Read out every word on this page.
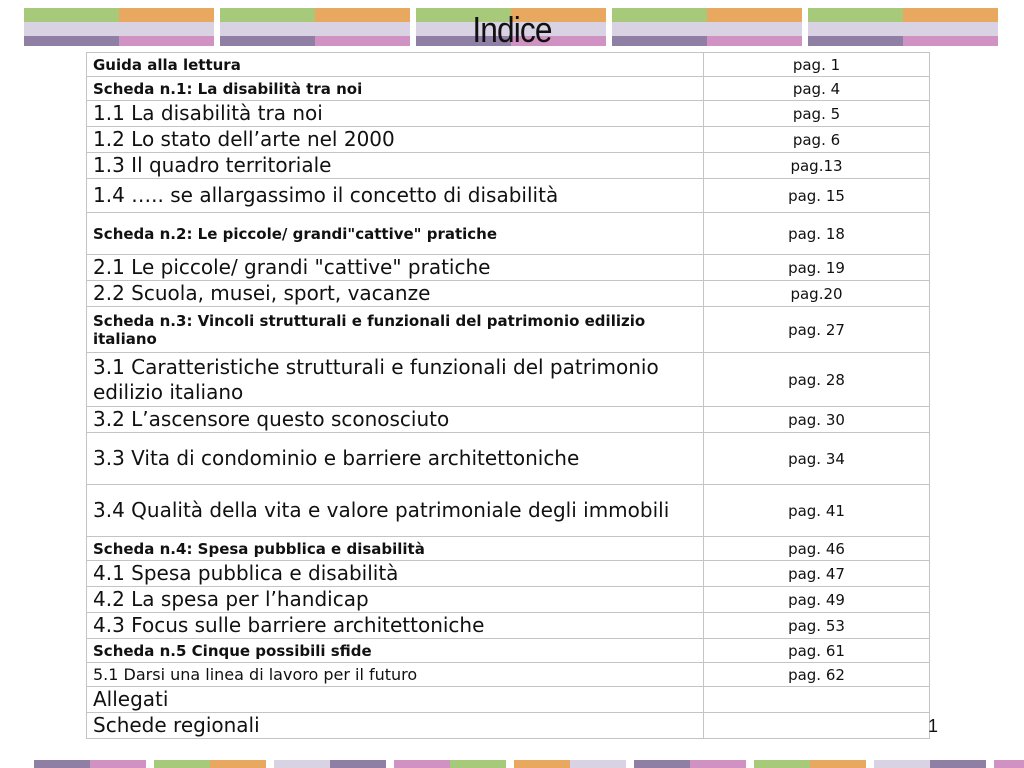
Indice
Guida alla lettura	pag. 1
Scheda n.1: La disabilità tra noi	pag. 4
1.1 La disabilità tra noi	pag. 5
1.2 Lo stato dell’arte nel 2000	pag. 6
1.3 Il quadro territoriale	pag.13
1.4 ….. se allargassimo il concetto di disabilità	pag. 15
Scheda n.2: Le piccole/ grandi"cattive" pratiche	pag. 18
2.1 Le piccole/ grandi "cattive" pratiche	pag. 19
2.2 Scuola, musei, sport, vacanze	pag.20
Scheda n.3: Vincoli strutturali e funzionali del patrimonio edilizio italiano	pag. 27
3.1 Caratteristiche strutturali e funzionali del patrimonio edilizio italiano	pag. 28
3.2 L’ascensore questo sconosciuto	pag. 30
3.3 Vita di condominio e barriere architettoniche	pag. 34
3.4 Qualità della vita e valore patrimoniale degli immobili	pag. 41
Scheda n.4: Spesa pubblica e disabilità	pag. 46
4.1 Spesa pubblica e disabilità	pag. 47
4.2 La spesa per l’handicap	pag. 49
4.3 Focus sulle barriere architettoniche	pag. 53
Scheda n.5 Cinque possibili sfide	pag. 61
5.1 Darsi una linea di lavoro per il futuro	pag. 62
Allegati	
Schede regionali		1
